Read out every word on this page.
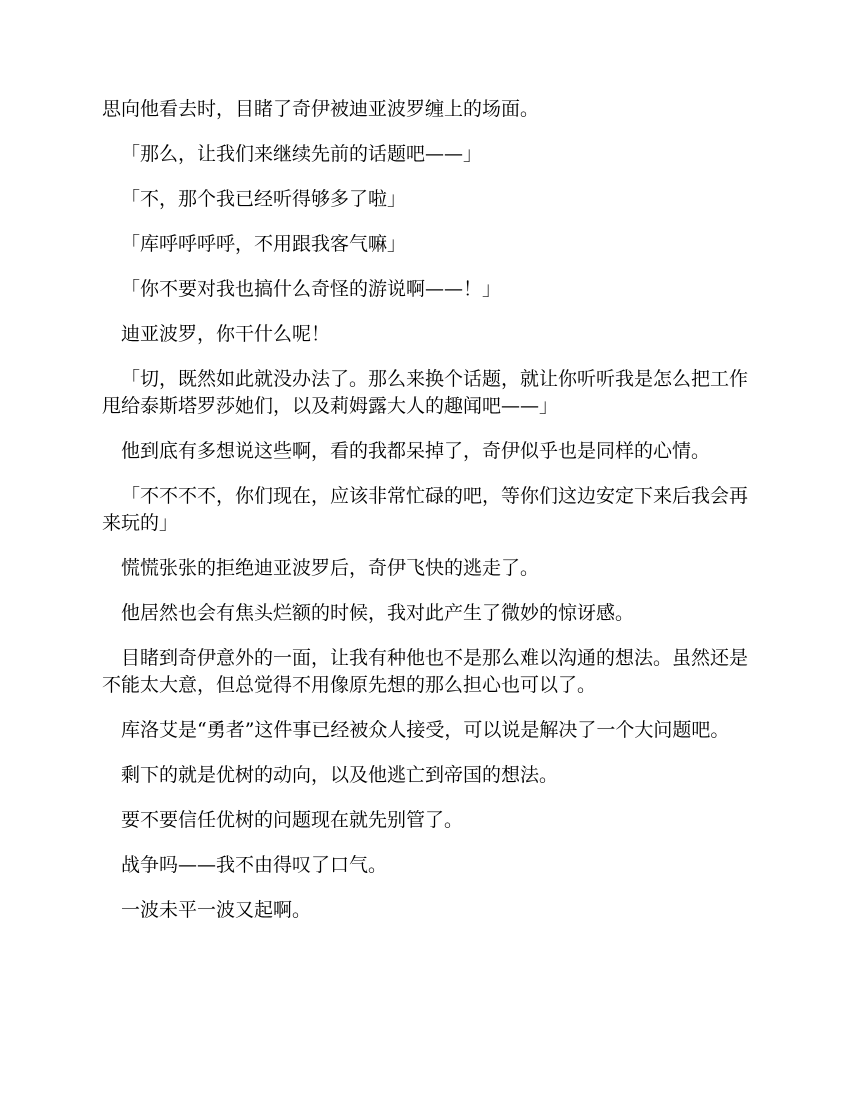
思向他看去时，目睹了奇伊被迪亚波罗缠上的场面。

「那么，让我们来继续先前的话题吧——」

「不，那个我已经听得够多了啦」

「库呼呼呼呼，不用跟我客气嘛」

「你不要对我也搞什么奇怪的游说啊——！」

迪亚波罗，你干什么呢！

「切，既然如此就没办法了。那么来换个话题，就让你听听我是怎么把工作甩给泰斯塔罗莎她们，以及莉姆露大人的趣闻吧——」

他到底有多想说这些啊，看的我都呆掉了，奇伊似乎也是同样的心情。

「不不不不，你们现在，应该非常忙碌的吧，等你们这边安定下来后我会再来玩的」

慌慌张张的拒绝迪亚波罗后，奇伊飞快的逃走了。

他居然也会有焦头烂额的时候，我对此产生了微妙的惊讶感。

目睹到奇伊意外的一面，让我有种他也不是那么难以沟通的想法。虽然还是不能太大意，但总觉得不用像原先想的那么担心也可以了。

库洛艾是“勇者”这件事已经被众人接受，可以说是解决了一个大问题吧。

剩下的就是优树的动向，以及他逃亡到帝国的想法。

要不要信任优树的问题现在就先别管了。

战争吗——我不由得叹了口气。

一波未平一波又起啊。
